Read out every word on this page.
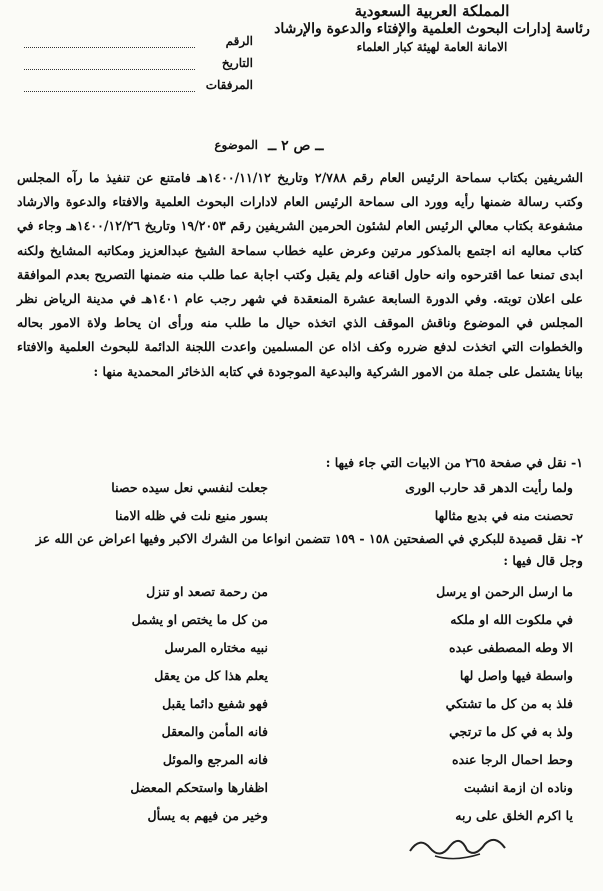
المملكة العربية السعودية
رئاسة إدارات البحوث العلمية والإفتاء والدعوة والإرشاد
الامانة العامة لهيئة كبار العلماء
الرقم
التاريخ
المرفقات
الموضوع ــ ص ٢ ــ

الشريفين بكتاب سماحة الرئيس العام رقم ٢/٧٨٨ وتاريخ ١٤٠٠/١١/١٢هـ فامتنع عن تنفيذ ما رآه المجلس وكتب رسالة ضمنها رأيه وورد الى سماحة الرئيس العام لادارات البحوث العلمية والافتاء والدعوة والارشاد مشفوعة بكتاب معالي الرئيس العام لشئون الحرمين الشريفين رقم ١٩/٢٠٥٣ وتاريخ ١٤٠٠/١٢/٢٦هـ وجاء في كتاب معاليه انه اجتمع بالمذكور مرتين وعرض عليه خطاب سماحة الشيخ عبدالعزيز ومكاتبه المشايخ ولكنه ابدى تمنعا عما اقترحوه وانه حاول اقناعه ولم يقبل وكتب اجابة عما طلب منه ضمنها التصريح بعدم الموافقة على اعلان توبته. وفي الدورة السابعة عشرة المنعقدة في شهر رجب عام ١٤٠١هـ في مدينة الرياض نظر المجلس في الموضوع وناقش الموقف الذي اتخذه حيال ما طلب منه ورأى ان يحاط ولاة الامور بحاله والخطوات التي اتخذت لدفع ضرره وكف اذاه عن المسلمين واعدت اللجنة الدائمة للبحوث العلمية والافتاء بيانا يشتمل على جملة من الامور الشركية والبدعية الموجودة في كتابه الذخائر المحمدية منها :

١- نقل في صفحة ٢٦٥ من الابيات التي جاء فيها :
ولما رأيت الدهر قد حارب الورى
جعلت لنفسي نعل سيده حصنا
تحصنت منه في بديع مثالها
بسور منيع نلت في ظله الامنا
٢- نقل قصيدة للبكري في الصفحتين ١٥٨ - ١٥٩ تتضمن انواعا من الشرك الاكبر وفيها اعراض عن الله عز وجل قال فيها :
ما ارسل الرحمن او يرسل
من رحمة تصعد او تنزل
في ملكوت الله او ملكه
من كل ما يختص او يشمل
الا وطه المصطفى عبده
نبيه مختاره المرسل
واسطة فيها واصل لها
يعلم هذا كل من يعقل
فلذ به من كل ما تشتكي
فهو شفيع دائما يقبل
ولذ به في كل ما ترتجي
فانه المأمن والمعقل
وحط احمال الرجا عنده
فانه المرجع والموئل
وناده ان ازمة انشبت
اظفارها واستحكم المعضل
يا اكرم الخلق على ربه
وخير من فيهم به يسأل
